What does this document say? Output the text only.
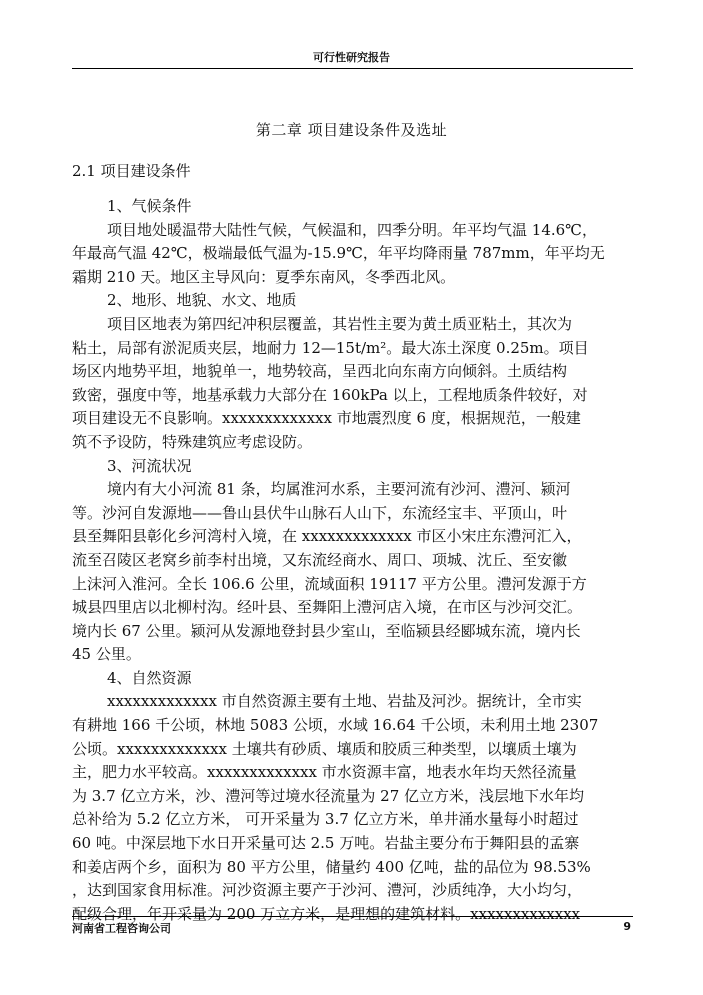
可行性研究报告
第二章 项目建设条件及选址
2.1 项目建设条件
1、气候条件
项目地处暖温带大陆性气候，气候温和，四季分明。年平均气温 14.6℃，
年最高气温 42℃，极端最低气温为-15.9℃，年平均降雨量 787mm，年平均无
霜期 210 天。地区主导风向：夏季东南风，冬季西北风。
2、地形、地貌、水文、地质
项目区地表为第四纪冲积层覆盖，其岩性主要为黄土质亚粘土，其次为
粘土，局部有淤泥质夹层，地耐力 12—15t/m²。最大冻土深度 0.25m。项目
场区内地势平坦，地貌单一，地势较高，呈西北向东南方向倾斜。土质结构
致密，强度中等，地基承载力大部分在 160kPa 以上，工程地质条件较好，对
项目建设无不良影响。xxxxxxxxxxxxx 市地震烈度 6 度，根据规范，一般建
筑不予设防，特殊建筑应考虑设防。
3、河流状况
境内有大小河流 81 条，均属淮河水系，主要河流有沙河、澧河、颍河
等。沙河自发源地——鲁山县伏牛山脉石人山下，东流经宝丰、平顶山，叶
县至舞阳县彰化乡河湾村入境，在 xxxxxxxxxxxxx 市区小宋庄东澧河汇入，
流至召陵区老窝乡前李村出境，又东流经商水、周口、项城、沈丘、至安徽
上沫河入淮河。全长 106.6 公里，流域面积 19117 平方公里。澧河发源于方
城县四里店以北柳村沟。经叶县、至舞阳上澧河店入境，在市区与沙河交汇。
境内长 67 公里。颍河从发源地登封县少室山，至临颍县经郾城东流，境内长
45 公里。
4、自然资源
xxxxxxxxxxxxx 市自然资源主要有土地、岩盐及河沙。据统计，全市实
有耕地 166 千公顷，林地 5083 公顷，水域 16.64 千公顷，未利用土地 2307
公顷。xxxxxxxxxxxxx 土壤共有砂质、壤质和胶质三种类型，以壤质土壤为
主，肥力水平较高。xxxxxxxxxxxxx 市水资源丰富，地表水年均天然径流量
为 3.7 亿立方米，沙、澧河等过境水径流量为 27 亿立方米，浅层地下水年均
总补给为 5.2 亿立方米， 可开采量为 3.7 亿立方米，单井涌水量每小时超过
60 吨。中深层地下水日开采量可达 2.5 万吨。岩盐主要分布于舞阳县的孟寨
和姜店两个乡，面积为 80 平方公里，储量约 400 亿吨，盐的品位为 98.53%
，达到国家食用标准。河沙资源主要产于沙河、澧河，沙质纯净，大小均匀，
配级合理，年开采量为 200 万立方米，是理想的建筑材料。xxxxxxxxxxxxx
河南省工程咨询公司	9
